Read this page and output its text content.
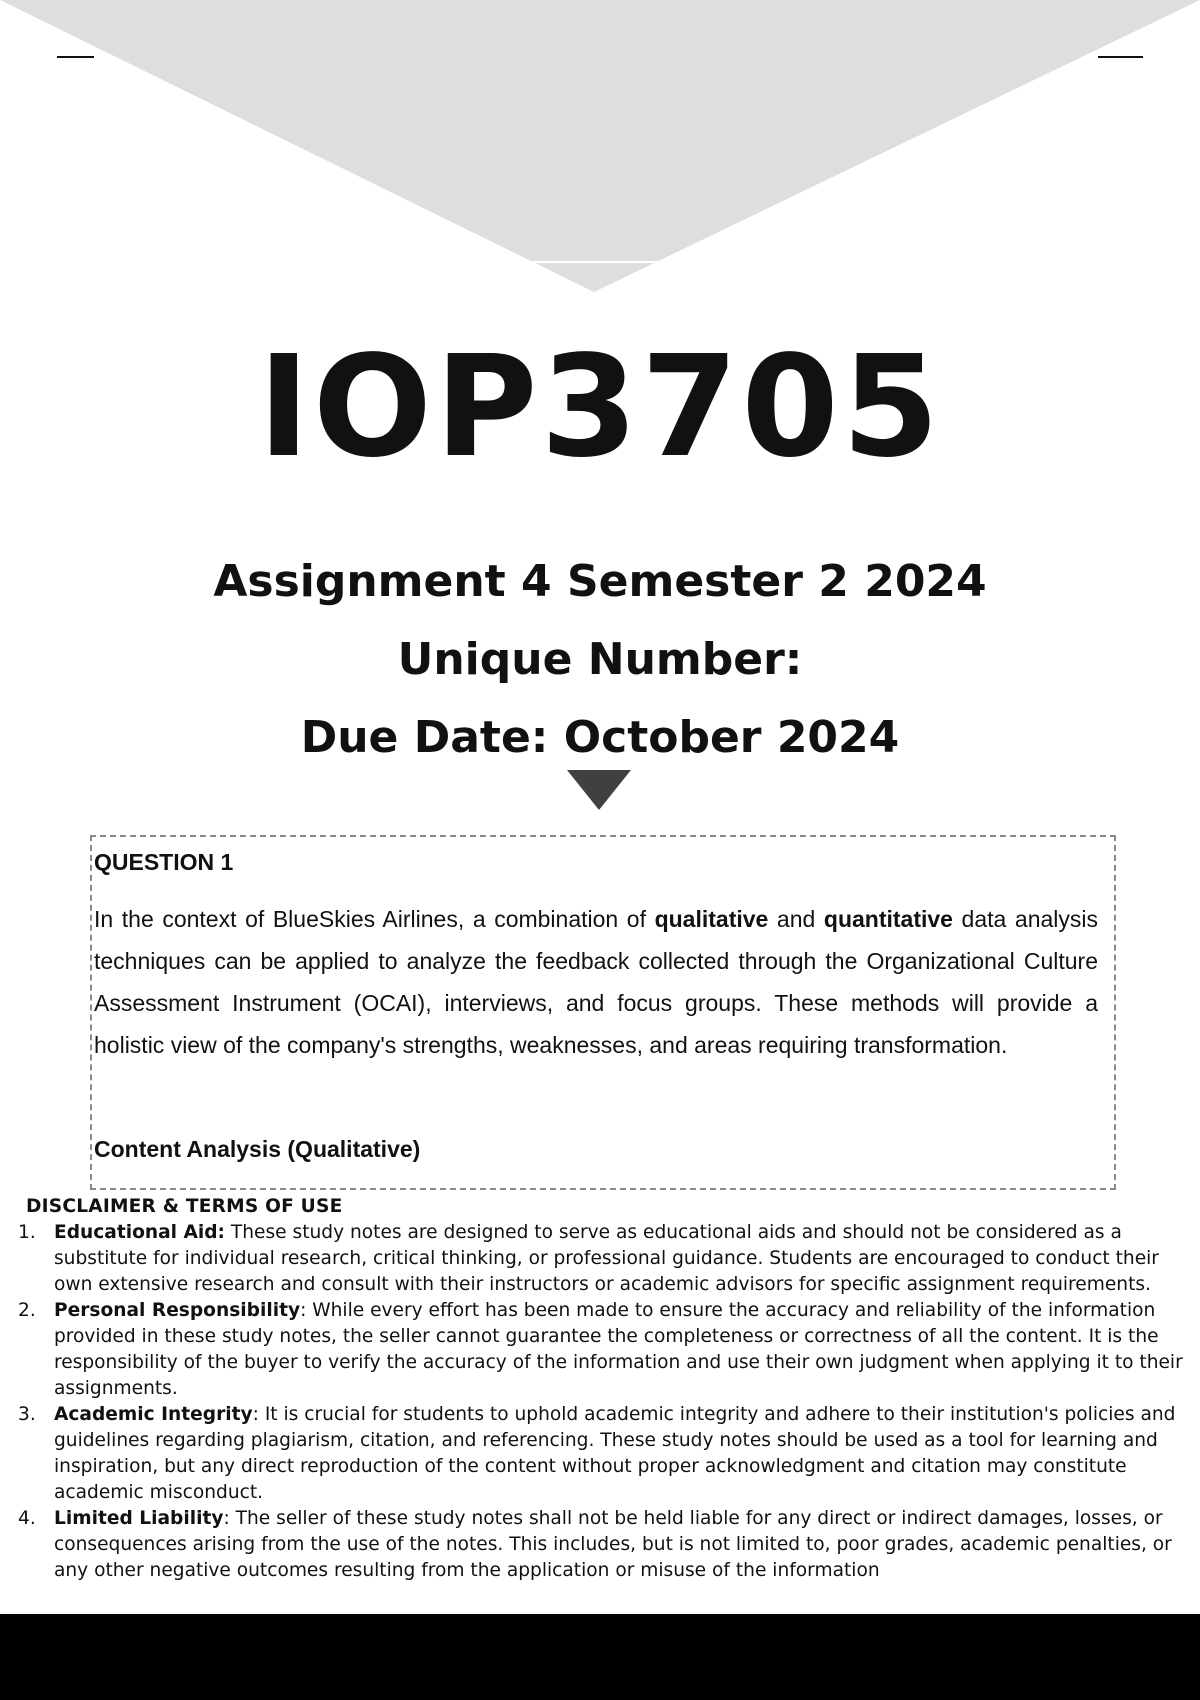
IOP3705

Assignment 4 Semester 2 2024

Unique Number:

Due Date: October 2024

QUESTION 1

In the context of BlueSkies Airlines, a combination of qualitative and quantitative data analysis techniques can be applied to analyze the feedback collected through the Organizational Culture Assessment Instrument (OCAI), interviews, and focus groups. These methods will provide a holistic view of the company's strengths, weaknesses, and areas requiring transformation.

Content Analysis (Qualitative)
DISCLAIMER & TERMS OF USE
1. Educational Aid: These study notes are designed to serve as educational aids and should not be considered as a substitute for individual research, critical thinking, or professional guidance. Students are encouraged to conduct their own extensive research and consult with their instructors or academic advisors for specific assignment requirements.
2. Personal Responsibility: While every effort has been made to ensure the accuracy and reliability of the information provided in these study notes, the seller cannot guarantee the completeness or correctness of all the content. It is the responsibility of the buyer to verify the accuracy of the information and use their own judgment when applying it to their assignments.
3. Academic Integrity: It is crucial for students to uphold academic integrity and adhere to their institution's policies and guidelines regarding plagiarism, citation, and referencing. These study notes should be used as a tool for learning and inspiration, but any direct reproduction of the content without proper acknowledgment and citation may constitute academic misconduct.
4. Limited Liability: The seller of these study notes shall not be held liable for any direct or indirect damages, losses, or consequences arising from the use of the notes. This includes, but is not limited to, poor grades, academic penalties, or any other negative outcomes resulting from the application or misuse of the information
